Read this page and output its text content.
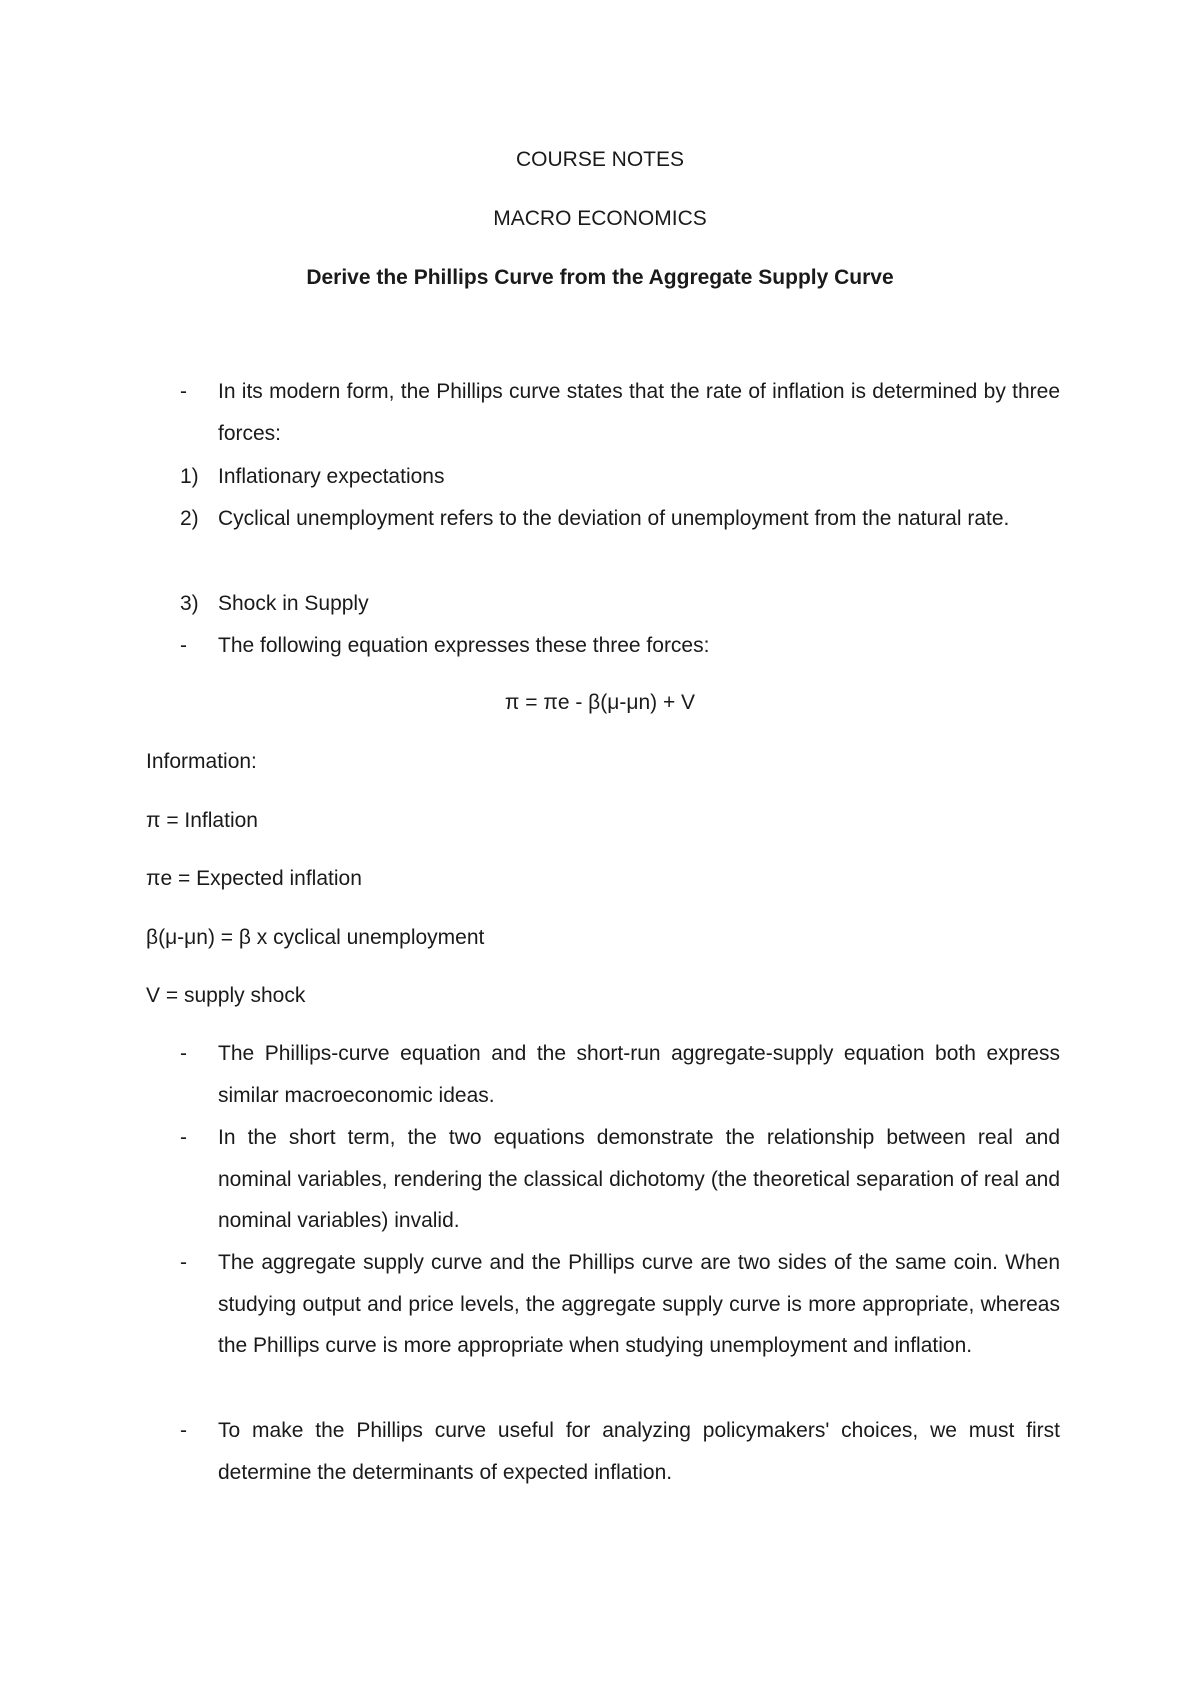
COURSE NOTES
MACRO ECONOMICS
Derive the Phillips Curve from the Aggregate Supply Curve
- In its modern form, the Phillips curve states that the rate of inflation is determined by three forces:
1) Inflationary expectations
2) Cyclical unemployment refers to the deviation of unemployment from the natural rate.
3) Shock in Supply
- The following equation expresses these three forces:
π = πe - β(μ-μn) + V
Information:
π = Inflation
πe = Expected inflation
β(μ-μn) = β x cyclical unemployment
V = supply shock
- The Phillips-curve equation and the short-run aggregate-supply equation both express similar macroeconomic ideas.
- In the short term, the two equations demonstrate the relationship between real and nominal variables, rendering the classical dichotomy (the theoretical separation of real and nominal variables) invalid.
- The aggregate supply curve and the Phillips curve are two sides of the same coin. When studying output and price levels, the aggregate supply curve is more appropriate, whereas the Phillips curve is more appropriate when studying unemployment and inflation.
- To make the Phillips curve useful for analyzing policymakers' choices, we must first determine the determinants of expected inflation.
